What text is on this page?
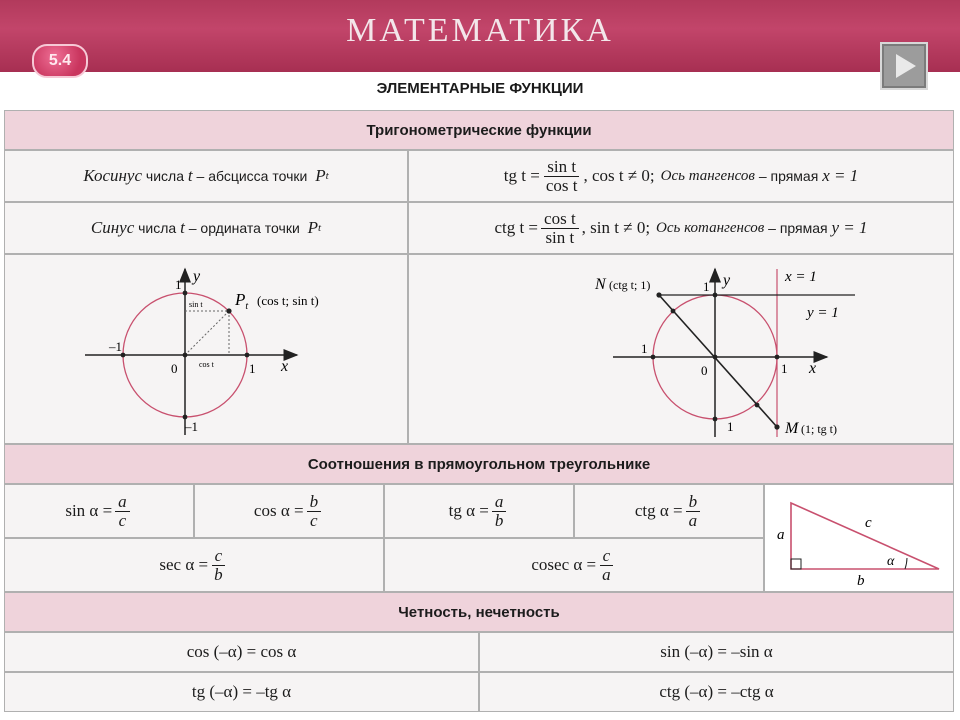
МАТЕМАТИКА
5.4
ЭЛЕМЕНТАРНЫЕ ФУНКЦИИ
Тригонометрические функции
Косинус числа t – абсцисса точки P t	tg $t = \frac{\text{sin t}}{\text{cos t}}$ , cos t ≠ 0; Ось тангенсов – прямая x = 1
Синус числа t – ордината точки P t	ctg $t = \frac{\text{cos t}}{\text{sin t}}$ , sin t ≠ 0; Ось котангенсов – прямая y = 1
$P_t$ (cos t; sin t)
sin t
cos t	x
y
0	1
–1
1
–1
N (ctg t; 1)
M (1; tg t)
x = 1
y = 1
x
y
0	1
1
1
1
Соотношения в прямоугольном треугольнике
$\sin \alpha = \frac{a}{c}$	$\cos \alpha = \frac{b}{c}$	tg $\alpha = \frac{a}{b}$	ctg $\alpha = \frac{b}{a}$
a
b
c
α
$\sec \alpha = \frac{c}{b}$	cosec $\alpha = \frac{c}{a}$
Четность, нечетность
cos (–α) = cos α	sin (–α) = –sin α
tg (–α) = –tg α	ctg (–α) = –ctg α
